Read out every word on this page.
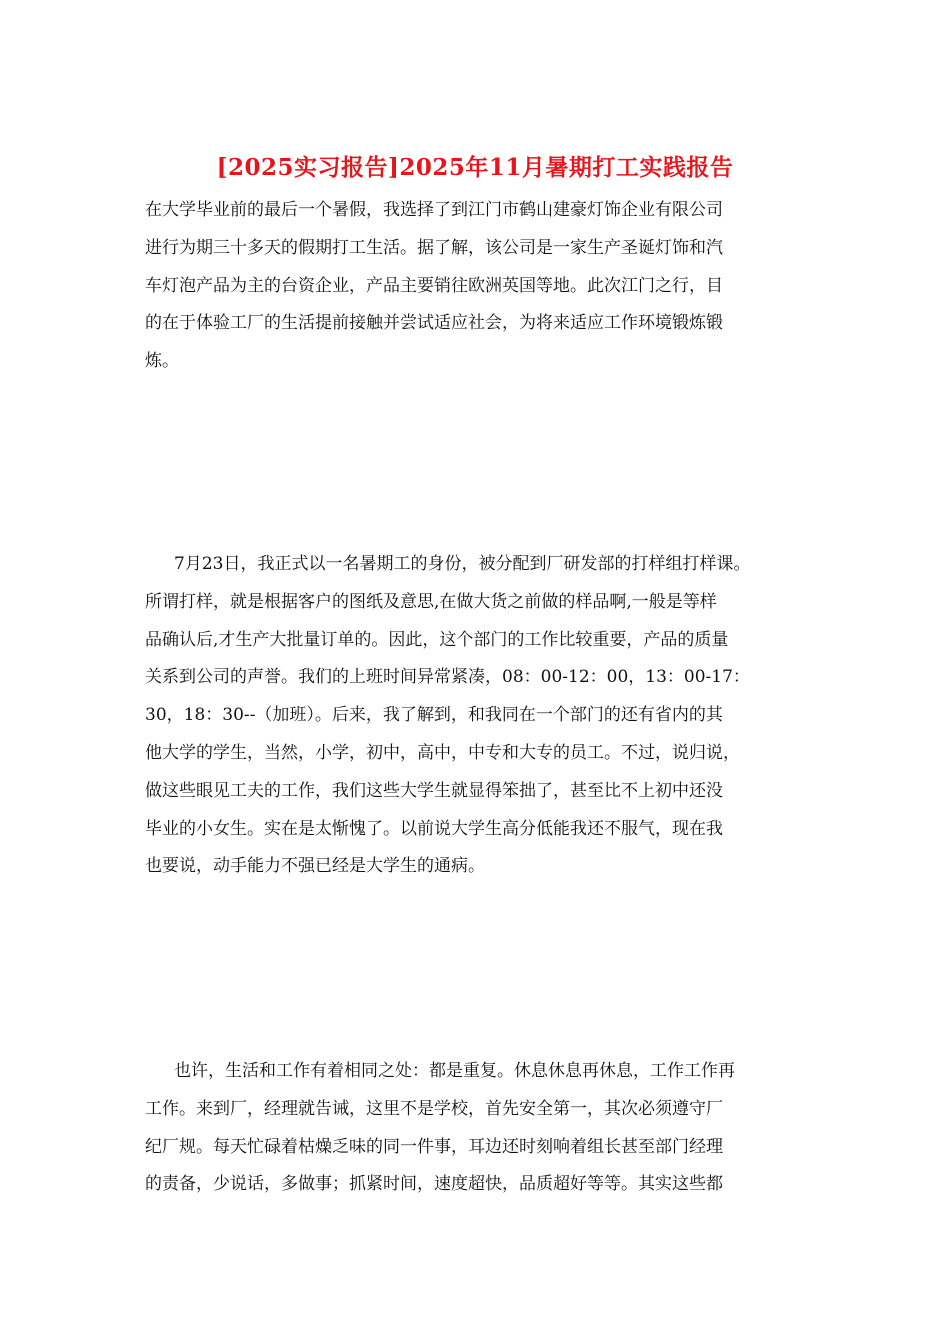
[2025实习报告]2025年11月暑期打工实践报告

在大学毕业前的最后一个暑假，我选择了到江门市鹤山建豪灯饰企业有限公司
进行为期三十多天的假期打工生活。据了解，该公司是一家生产圣诞灯饰和汽
车灯泡产品为主的台资企业，产品主要销往欧洲英国等地。此次江门之行，目
的在于体验工厂的生活提前接触并尝试适应社会，为将来适应工作环境锻炼锻
炼。

7月23日，我正式以一名暑期工的身份，被分配到厂研发部的打样组打样课。
所谓打样，就是根据客户的图纸及意思,在做大货之前做的样品啊,一般是等样
品确认后,才生产大批量订单的。因此，这个部门的工作比较重要，产品的质量
关系到公司的声誉。我们的上班时间异常紧凑，08：00-12：00，13：00-17：
30，18：30--（加班）。后来，我了解到，和我同在一个部门的还有省内的其
他大学的学生，当然，小学，初中，高中，中专和大专的员工。不过，说归说，
做这些眼见工夫的工作，我们这些大学生就显得笨拙了，甚至比不上初中还没
毕业的小女生。实在是太惭愧了。以前说大学生高分低能我还不服气，现在我
也要说，动手能力不强已经是大学生的通病。

也许，生活和工作有着相同之处：都是重复。休息休息再休息，工作工作再
工作。来到厂，经理就告诫，这里不是学校，首先安全第一，其次必须遵守厂
纪厂规。每天忙碌着枯燥乏味的同一件事，耳边还时刻响着组长甚至部门经理
的责备，少说话，多做事；抓紧时间，速度超快，品质超好等等。其实这些都
